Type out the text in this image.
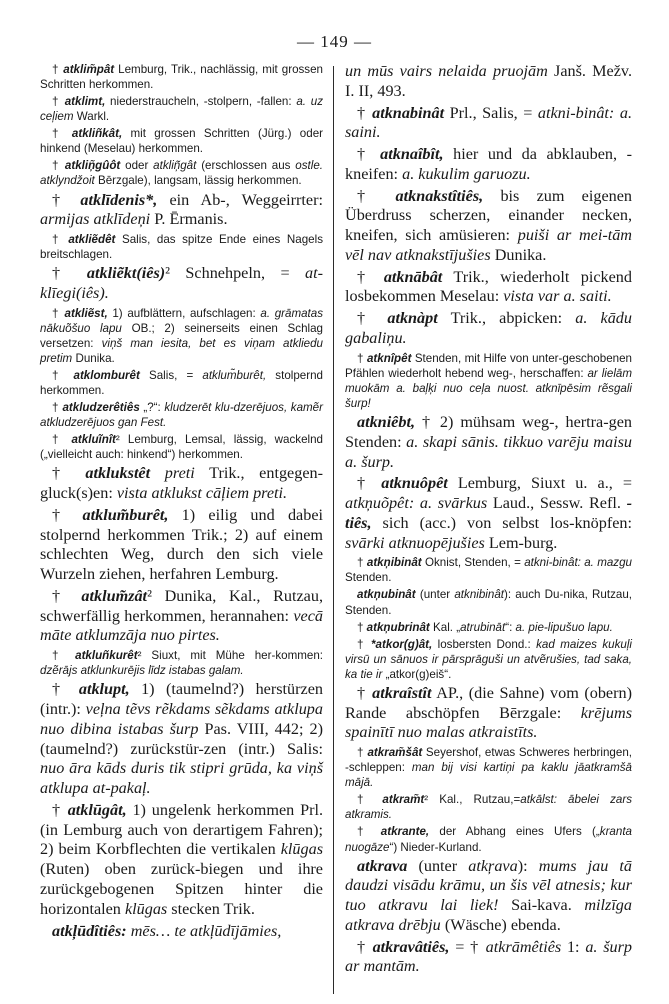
— 149 —

† atklim̃pât Lemburg, Trik., nachlässig, mit grossen Schritten herkommen.

† atklimt, niederstraucheln, -stolpern, -fallen: a. uz ceļiem Warkl.

† atkliñkât, mit grossen Schritten (Jürg.) oder hinkend (Meselau) herkommen.

† atkliņ̃gûôt oder atkliņ̃gât (erschlossen aus ostle. atklyndžoit Bērzgale), langsam, lässig herkommen.

† atklīdenis*, ein Ab-, Weggeirrter: armijas atklīdeņi P. Ērmanis.

† atkliẽdêt Salis, das spitze Ende eines Nagels breitschlagen.

† atkliẽkt(iês)² Schnehpeln, = at-klīegi(iês).

† atkliẽst, 1) aufblättern, aufschlagen: a. grāmatas nākuõšuo lapu OB.; 2) seinerseits einen Schlag versetzen: viņš man iesita, bet es viņam atkliedu pretim Dunika.

† atklomburêt Salis, = atklum̃burêt, stolpernd herkommen.

† atkludzerêtiês „?“: kludzerēt klu-dzerējuos, kamẽr atkludzerējuos gan Fest.

† atkluĩnît² Lemburg, Lemsal, lässig, wackelnd („vielleicht auch: hinkend“) herkommen.

† atklukstêt preti Trik., entgegen-gluck(s)en: vista atklukst cāļiem preti.

† atklum̃burêt, 1) eilig und dabei stolpernd herkommen Trik.; 2) auf einem schlechten Weg, durch den sich viele Wurzeln ziehen, herfahren Lemburg.

† atklum̃zât² Dunika, Kal., Rutzau, schwerfällig herkommen, herannahen: vecā māte atklumzāja nuo pirtes.

† atkluñkurêt² Siuxt, mit Mühe her-kommen: dzẽrājs atklunkurējis līdz istabas galam.

† atklupt, 1) (taumelnd?) herstürzen (intr.): veļna tẽvs rẽkdams sẽkdams atklupa nuo dibina istabas šurp Pas. VIII, 442; 2) (taumelnd?) zurückstür-zen (intr.) Salis: nuo āra kāds duris tik stipri grūda, ka viņš atklupa at-pakaļ.

† atklūgât, 1) ungelenk herkommen Prl. (in Lemburg auch von derartigem Fahren); 2) beim Korbflechten die vertikalen klūgas (Ruten) oben zurück-biegen und ihre zurückgebogenen Spitzen hinter die horizontalen klūgas stecken Trik.

atkļūdîtiês: mēs… te atkļūdījāmies,

un mūs vairs nelaida pruojām Janš. Mežv. I. II, 493.

† atknabinât Prl., Salis, = atkni-binât: a. saini.

† atknaîbît, hier und da abklauben, -kneifen: a. kukulim garuozu.

† atknakstîtiês, bis zum eigenen Überdruss scherzen, einander necken, kneifen, sich amüsieren: puiši ar mei-tām vēl nav atknakstījušies Dunika.

† atknābât Trik., wiederholt pickend losbekommen Meselau: vista var a. saiti.

† atknàpt Trik., abpicken: a. kādu gabaliņu.

† atknîpêt Stenden, mit Hilfe von unter-geschobenen Pfählen wiederholt hebend weg-, herschaffen: ar lielām muokām a. baļķi nuo ceļa nuost. atknīpēsim rẽsgali šurp!

atkniêbt, † 2) mühsam weg-, hertra-gen Stenden: a. skapi sānis. tikkuo varēju maisu a. šurp.

† atknuôpêt Lemburg, Siuxt u. a., = atkņuõpêt: a. svārkus Laud., Sessw. Refl. -tiês, sich (acc.) von selbst los-knöpfen: svārki atknuopējušies Lem-burg.

† atkņibinât Oknist, Stenden, = atkni-binât: a. mazgu Stenden.

atkņubinât (unter atknibinât): auch Du-nika, Rutzau, Stenden.

† atkņubrinât Kal. „atrubināt“: a. pie-lipušuo lapu.

† *atkor(g)ât, losbersten Dond.: kad maizes kukuļi virsū un sānuos ir pārsprāguši un atvẽrušies, tad saka, ka tie ir „atkor(g)eiš“.

† atkraîstît AP., (die Sahne) vom (obern) Rande abschöpfen Bērzgale: krējums spainītī nuo malas atkraistīts.

† atkram̃šât Seyershof, etwas Schweres herbringen, -schleppen: man bij visi kartiņi pa kaklu jāatkramšā mājā.

† atkram̃t² Kal., Rutzau,=atkālst: ābelei zars atkramis.

† atkrante, der Abhang eines Ufers („kranta nuogāze“) Nieder-Kurland.

atkrava (unter atkŗava): mums jau tā daudzi visādu krāmu, un šis vēl atnesis; kur tuo atkravu lai liek! Sai-kava. milzīga atkrava drēbju (Wäsche) ebenda.

† atkravâtiês, = † atkrāmêtiês 1: a. šurp ar mantām.
